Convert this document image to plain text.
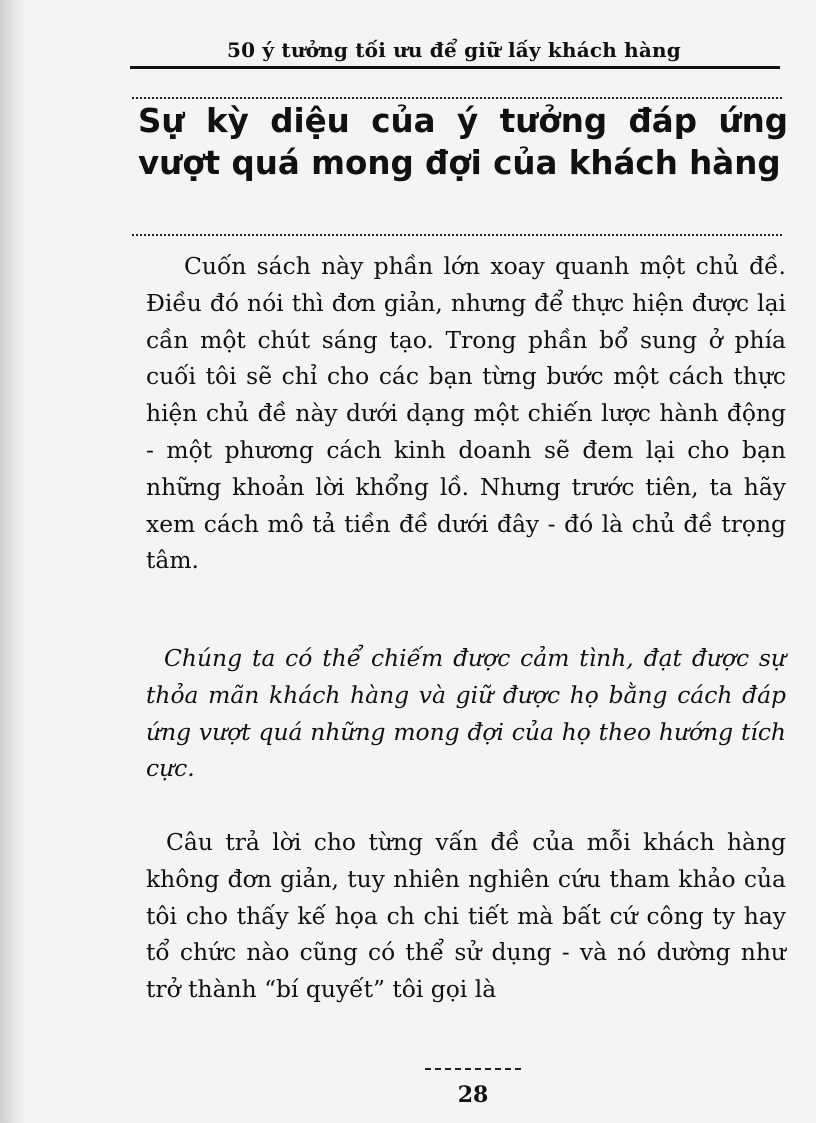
50 ý tưởng tối ưu để giữ lấy khách hàng
Sự kỳ diệu của ý tưởng đáp ứng vượt quá mong đợi của khách hàng
Cuốn sách này phần lớn xoay quanh một chủ đề. Điều đó nói thì đơn giản, nhưng để thực hiện được lại cần một chút sáng tạo. Trong phần bổ sung ở phía cuối tôi sẽ chỉ cho các bạn từng bước một cách thực hiện chủ đề này dưới dạng một chiến lược hành động - một phương cách kinh doanh sẽ đem lại cho bạn những khoản lời khổng lồ. Nhưng trước tiên, ta hãy xem cách mô tả tiền đề dưới đây - đó là chủ đề trọng tâm.
Chúng ta có thể chiếm được cảm tình, đạt được sự thỏa mãn khách hàng và giữ được họ bằng cách đáp ứng vượt quá những mong đợi của họ theo hướng tích cực.
Câu trả lời cho từng vấn đề của mỗi khách hàng không đơn giản, tuy nhiên nghiên cứu tham khảo của tôi cho thấy kế họa ch chi tiết mà bất cứ công ty hay tổ chức nào cũng có thể sử dụng - và nó dường như trở thành “bí quyết” tôi gọi là
28
